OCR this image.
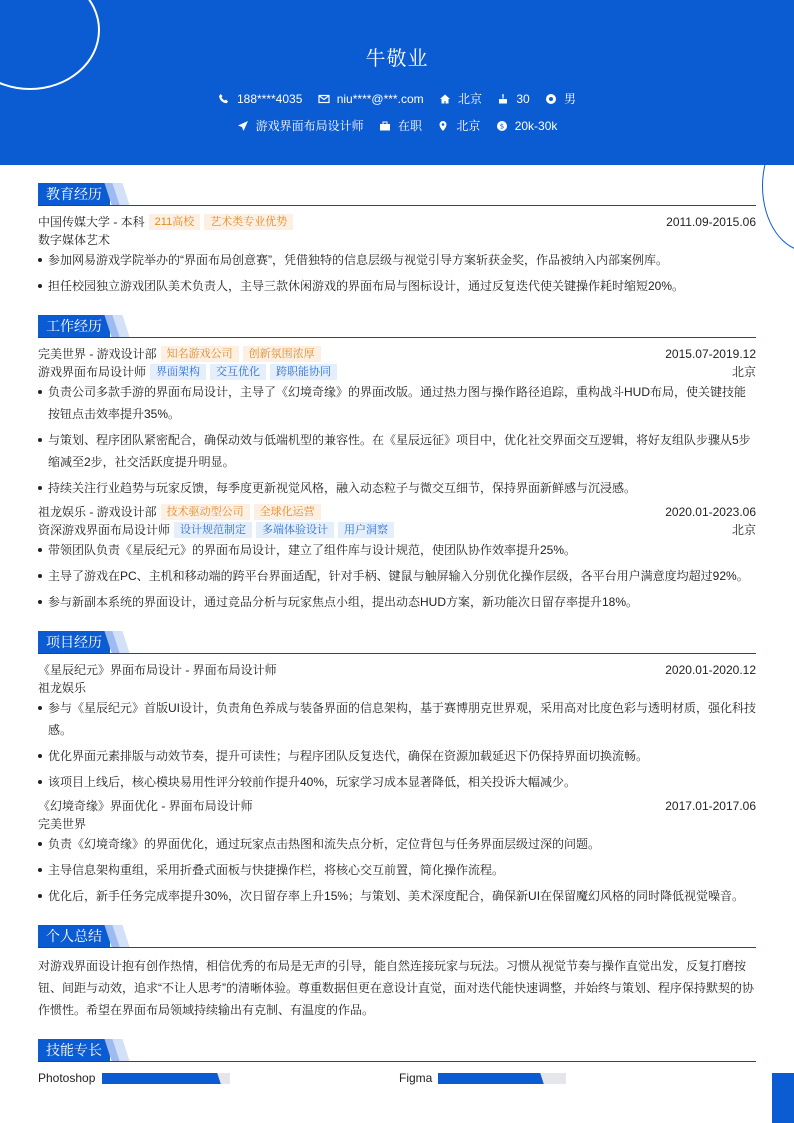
牛敬业
188****4035
	niu****@***.com
	北京
	30
	男
游戏界面布局设计师
	在职
	北京
	$ 20k-30k
教育经历
中国传媒大学 - 本科 211高校 艺术类专业优势	2011.09-2015.06
数字媒体艺术
参加网易游戏学院举办的“界面布局创意赛”，凭借独特的信息层级与视觉引导方案斩获金奖，作品被纳入内部案例库。
担任校园独立游戏团队美术负责人，主导三款休闲游戏的界面布局与图标设计，通过反复迭代使关键操作耗时缩短20%。
工作经历
完美世界 - 游戏设计部 知名游戏公司 创新氛围浓厚	2015.07-2019.12
游戏界面布局设计师 界面架构 交互优化 跨职能协同	北京
负责公司多款手游的界面布局设计，主导了《幻境奇缘》的界面改版。通过热力图与操作路径追踪，重构战斗HUD布局，使关键技能按钮点击效率提升35%。
与策划、程序团队紧密配合，确保动效与低端机型的兼容性。在《星辰远征》项目中，优化社交界面交互逻辑，将好友组队步骤从5步缩减至2步，社交活跃度提升明显。
持续关注行业趋势与玩家反馈，每季度更新视觉风格，融入动态粒子与微交互细节，保持界面新鲜感与沉浸感。
祖龙娱乐 - 游戏设计部 技术驱动型公司 全球化运营	2020.01-2023.06
资深游戏界面布局设计师 设计规范制定 多端体验设计 用户洞察	北京
带领团队负责《星辰纪元》的界面布局设计，建立了组件库与设计规范，使团队协作效率提升25%。
主导了游戏在PC、主机和移动端的跨平台界面适配，针对手柄、键鼠与触屏输入分别优化操作层级，各平台用户满意度均超过92%。
参与新副本系统的界面设计，通过竞品分析与玩家焦点小组，提出动态HUD方案，新功能次日留存率提升18%。
项目经历
《星辰纪元》界面布局设计 - 界面布局设计师	2020.01-2020.12
祖龙娱乐
参与《星辰纪元》首版UI设计，负责角色养成与装备界面的信息架构，基于赛博朋克世界观，采用高对比度色彩与透明材质，强化科技感。
优化界面元素排版与动效节奏，提升可读性；与程序团队反复迭代，确保在资源加载延迟下仍保持界面切换流畅。
该项目上线后，核心模块易用性评分较前作提升40%，玩家学习成本显著降低，相关投诉大幅减少。
《幻境奇缘》界面优化 - 界面布局设计师	2017.01-2017.06
完美世界
负责《幻境奇缘》的界面优化，通过玩家点击热图和流失点分析，定位背包与任务界面层级过深的问题。
主导信息架构重组，采用折叠式面板与快捷操作栏，将核心交互前置，简化操作流程。
优化后，新手任务完成率提升30%，次日留存率上升15%；与策划、美术深度配合，确保新UI在保留魔幻风格的同时降低视觉噪音。
个人总结
对游戏界面设计抱有创作热情，相信优秀的布局是无声的引导，能自然连接玩家与玩法。习惯从视觉节奏与操作直觉出发，反复打磨按钮、间距与动效，追求“不让人思考”的清晰体验。尊重数据但更在意设计直觉，面对迭代能快速调整，并始终与策划、程序保持默契的协作惯性。希望在界面布局领域持续输出有克制、有温度的作品。
技能专长
Photoshop	Figma
